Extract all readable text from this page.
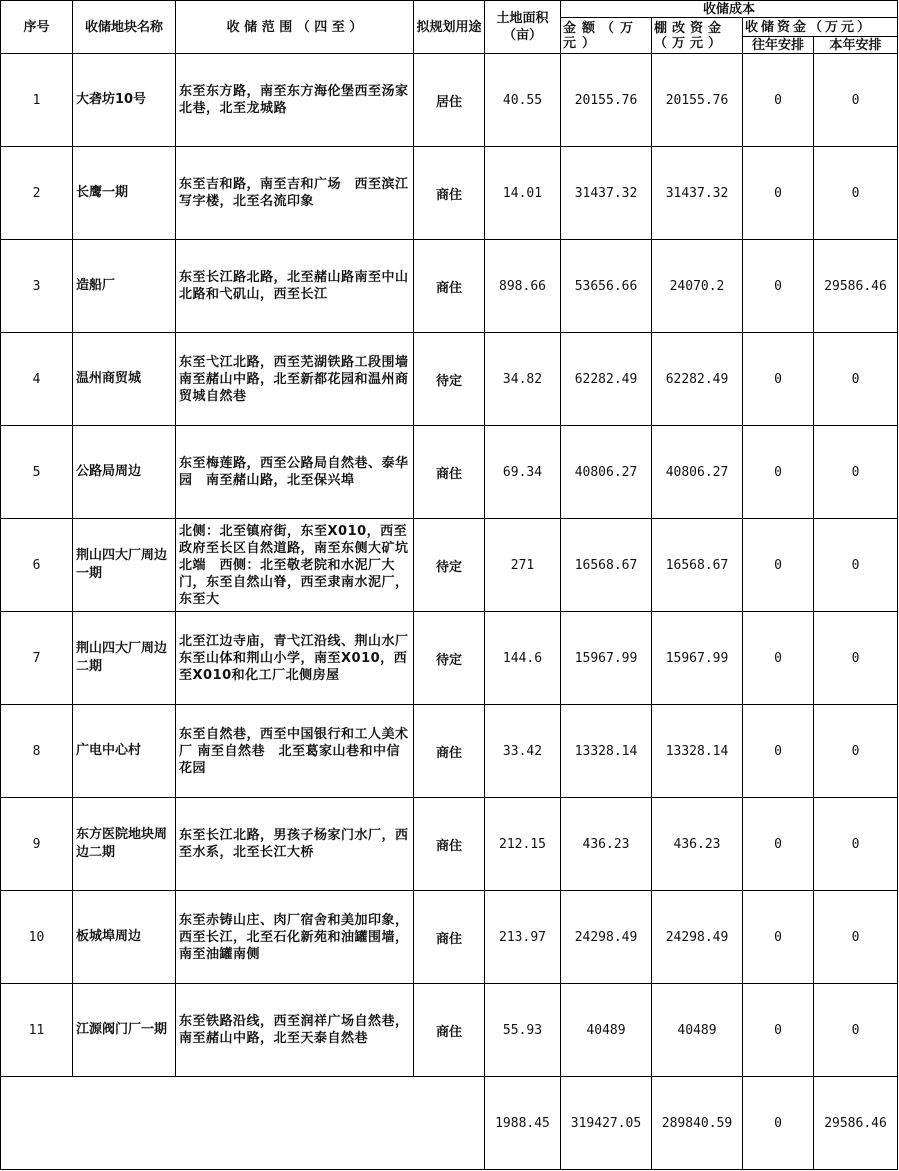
序号	收储地块名称	收 储 范 围 （ 四 至 ）	拟规划用途	土地面积（亩）	收储成本			
					金额（万元）	棚改资金（万元）	收储资金（万元）	
							往年安排	本年安排
1	大砻坊10号	东至东方路，南至东方海伦堡西至汤家北巷，北至龙城路	居住	40.55	20155.76	20155.76	0	0
2	长鹰一期	东至吉和路，南至吉和广场　西至滨江写字楼，北至名流印象	商住	14.01	31437.32	31437.32	0	0
3	造船厂	东至长江路北路，北至赭山路南至中山北路和弋矶山，西至长江	商住	898.66	53656.66	24070.2	0	29586.46
4	温州商贸城	东至弋江北路，西至芜湖铁路工段围墙　南至赭山中路，北至新都花园和温州商贸城自然巷	待定	34.82	62282.49	62282.49	0	0
5	公路局周边	东至梅莲路，西至公路局自然巷、泰华园　南至赭山路，北至保兴埠	商住	69.34	40806.27	40806.27	0	0
6	荆山四大厂周边一期	北侧：北至镇府街，东至X010，西至政府至长区自然道路，南至东侧大矿坑北端　西侧：北至敬老院和水泥厂大门，东至自然山脊，西至隶南水泥厂，东至大	待定	271	16568.67	16568.67	0	0
7	荆山四大厂周边二期	北至江边寺庙，青弋江沿线、荆山水厂　东至山体和荆山小学，南至X010，西至X010和化工厂北侧房屋	待定	144.6	15967.99	15967.99	0	0
8	广电中心村	东至自然巷，西至中国银行和工人美术厂 南至自然巷　北至葛家山巷和中信花园	商住	33.42	13328.14	13328.14	0	0
9	东方医院地块周边二期	东至长江北路，男孩子杨家门水厂，西至水系，北至长江大桥	商住	212.15	436.23	436.23	0	0
10	板城埠周边	东至赤铸山庄、肉厂宿舍和美加印象，西至长江，北至石化新苑和油罐围墙，南至油罐南侧	商住	213.97	24298.49	24298.49	0	0
11	江源阀门厂一期	东至铁路沿线，西至润祥广场自然巷，南至赭山中路，北至天泰自然巷	商住	55.93	40489	40489	0	0
				1988.45	319427.05	289840.59	0	29586.46
